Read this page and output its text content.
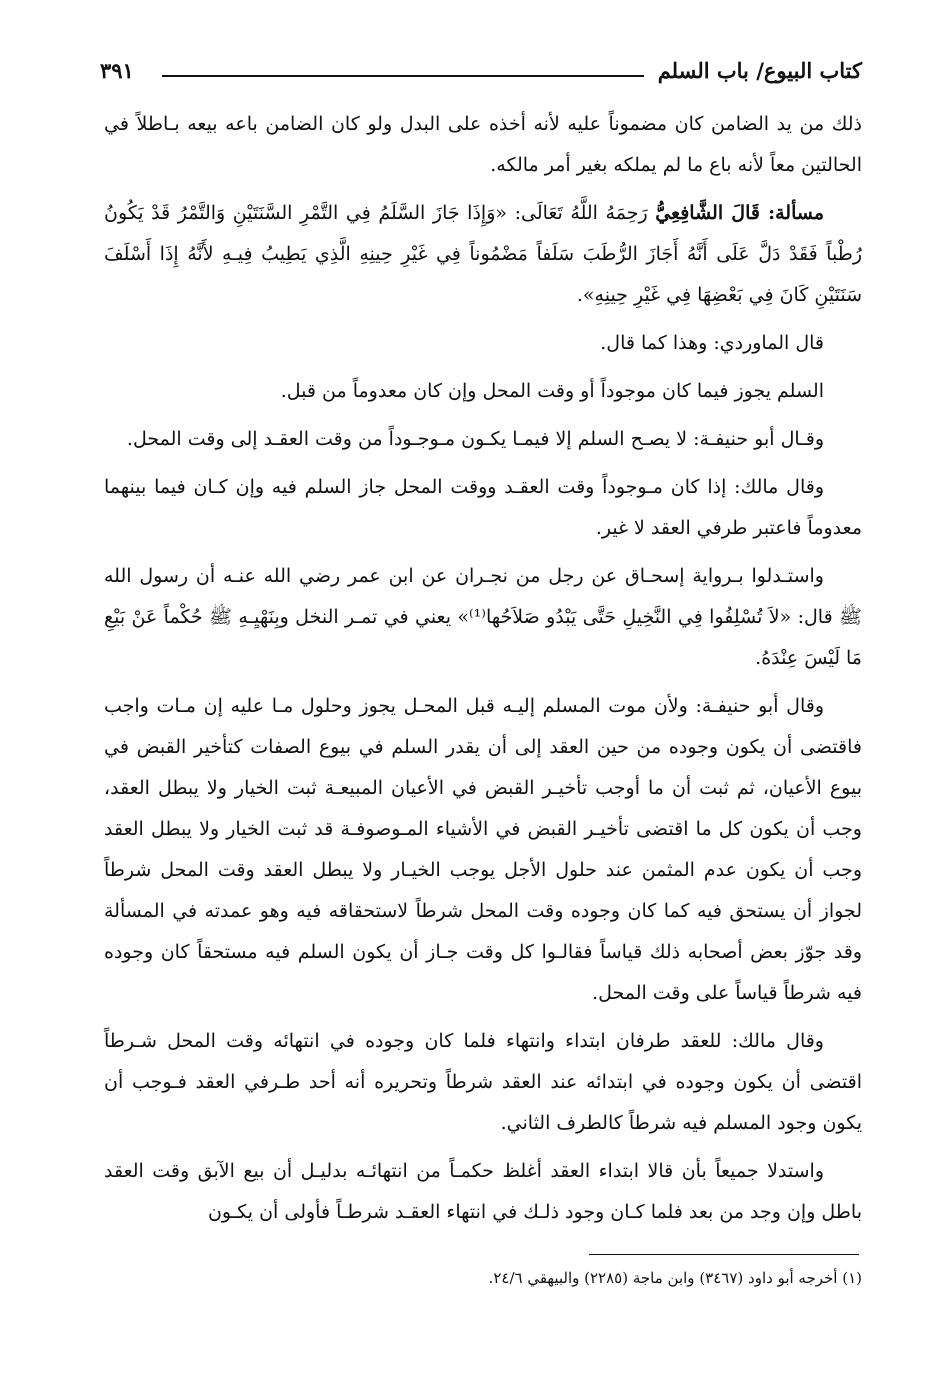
كتاب البيوع/ باب السلم
٣٩١

ذلك من يد الضامن كان مضموناً عليه لأنه أخذه على البدل ولو كان الضامن باعه بيعه بـاطلاً في الحالتين معاً لأنه باع ما لم يملكه بغير أمر مالكه.

مسألة: قَالَ الشَّافِعِيُّ رَحِمَهُ اللَّهُ تَعَالَى: «وَإِذَا جَازَ السَّلَمُ فِي التَّمْرِ السَّنَتَيْنِ وَالتَّمْرُ قَدْ يَكُونُ رُطْباً فَقَدْ دَلَّ عَلَى أَنَّهُ أَجَازَ الرُّطَبَ سَلَفاً مَضْمُوناً فِي غَيْرِ حِينِهِ الَّذِي يَطِيبُ فِيـهِ لأَنَّهُ إِذَا أَسْلَفَ سَنَتَيْنِ كَانَ فِي بَعْضِهَا فِي غَيْرِ حِينِهِ».

قال الماوردي: وهذا كما قال.

السلم يجوز فيما كان موجوداً أو وقت المحل وإن كان معدوماً من قبل.

وقـال أبو حنيفـة: لا يصـح السلم إلا فيمـا يكـون مـوجـوداً من وقت العقـد إلى وقت المحل.

وقال مالك: إذا كان مـوجوداً وقت العقـد ووقت المحل جاز السلم فيه وإن كـان فيما بينهما معدوماً فاعتبر طرفي العقد لا غير.

واستـدلوا بـرواية إسحـاق عن رجل من نجـران عن ابن عمر رضي الله عنـه أن رسول الله ﷺ قال: «لاَ تُسْلِفُوا فِي النَّخِيلِ حَتَّى يَبْدُو صَلاَحُها⁽¹⁾» يعني في تمـر النخل وبِنَهْيِـهِ ﷺ حُكْماً عَنْ بَيْعِ مَا لَيْسَ عِنْدَهُ.

وقال أبو حنيفـة: ولأن موت المسلم إليـه قبل المحـل يجوز وحلول مـا عليه إن مـات واجب فاقتضى أن يكون وجوده من حين العقد إلى أن يقدر السلم في بيوع الصفات كتأخير القبض في بيوع الأعيان، ثم ثبت أن ما أوجب تأخيـر القبض في الأعيان المبيعـة ثبت الخيار ولا يبطل العقد، وجب أن يكون كل ما اقتضى تأخيـر القبض في الأشياء المـوصوفـة قد ثبت الخيار ولا يبطل العقد وجب أن يكون عدم المثمن عند حلول الأجل يوجب الخيـار ولا يبطل العقد وقت المحل شرطاً لجواز أن يستحق فيه كما كان وجوده وقت المحل شرطاً لاستحقاقه فيه وهو عمدته في المسألة وقد جوّز بعض أصحابه ذلك قياساً فقالـوا كل وقت جـاز أن يكون السلم فيه مستحقاً كان وجوده فيه شرطاً قياساً على وقت المحل.

وقال مالك: للعقد طرفان ابتداء وانتهاء فلما كان وجوده في انتهائه وقت المحل شـرطاً اقتضى أن يكون وجوده في ابتدائه عند العقد شرطاً وتحريره أنه أحد طـرفي العقد فـوجب أن يكون وجود المسلم فيه شرطاً كالطرف الثاني.

واستدلا جميعاً بأن قالا ابتداء العقد أغلظ حكمـاً من انتهائـه بدليـل أن بيع الآبق وقت العقد باطل وإن وجد من بعد فلما كـان وجود ذلـك في انتهاء العقـد شرطـاً فأولى أن يكـون

(١) أخرجه أبو داود (٣٤٦٧) وابن ماجة (٢٢٨٥) والبيهقي ٢٤/٦.
